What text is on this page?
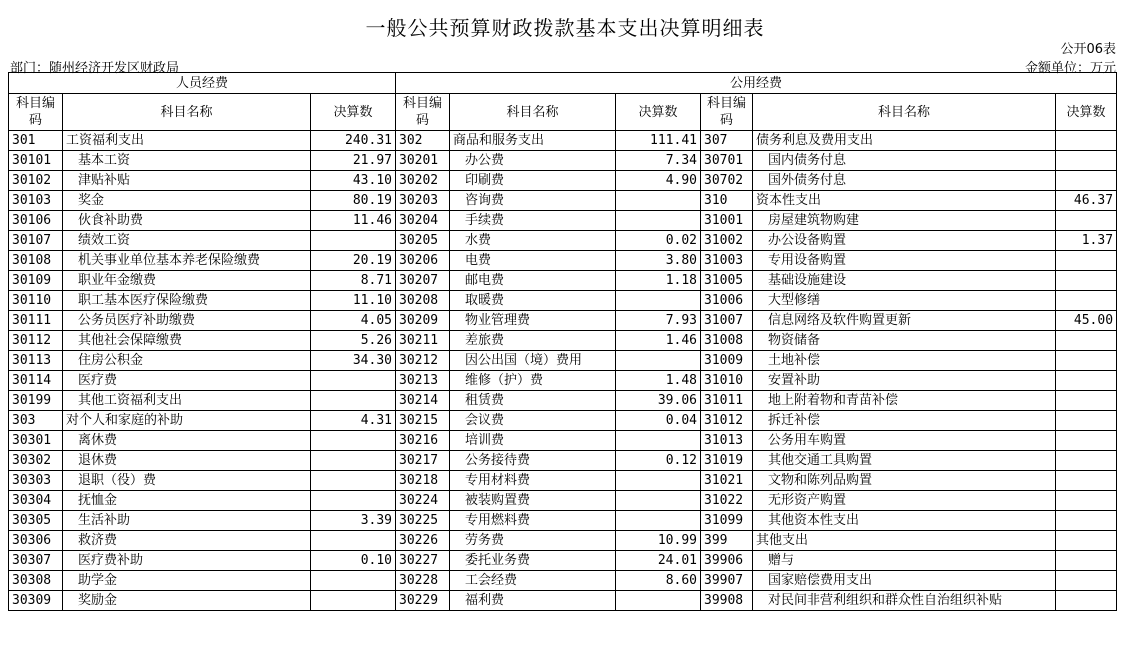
一般公共预算财政拨款基本支出决算明细表
公开06表
部门：随州经济开发区财政局	金额单位：万元
人员经费			公用经费					
科目编码	科目名称	决算数	科目编码	科目名称	决算数	科目编码	科目名称	决算数
301	工资福利支出	240.31	302	商品和服务支出	111.41	307	债务利息及费用支出	
30101	基本工资	21.97	30201	办公费	7.34	30701	国内债务付息	
30102	津贴补贴	43.10	30202	印刷费	4.90	30702	国外债务付息	
30103	奖金	80.19	30203	咨询费		310	资本性支出	46.37
30106	伙食补助费	11.46	30204	手续费		31001	房屋建筑物购建	
30107	绩效工资		30205	水费	0.02	31002	办公设备购置	1.37
30108	机关事业单位基本养老保险缴费	20.19	30206	电费	3.80	31003	专用设备购置	
30109	职业年金缴费	8.71	30207	邮电费	1.18	31005	基础设施建设	
30110	职工基本医疗保险缴费	11.10	30208	取暖费		31006	大型修缮	
30111	公务员医疗补助缴费	4.05	30209	物业管理费	7.93	31007	信息网络及软件购置更新	45.00
30112	其他社会保障缴费	5.26	30211	差旅费	1.46	31008	物资储备	
30113	住房公积金	34.30	30212	因公出国（境）费用		31009	土地补偿	
30114	医疗费		30213	维修（护）费	1.48	31010	安置补助	
30199	其他工资福利支出		30214	租赁费	39.06	31011	地上附着物和青苗补偿	
303	对个人和家庭的补助	4.31	30215	会议费	0.04	31012	拆迁补偿	
30301	离休费		30216	培训费		31013	公务用车购置	
30302	退休费		30217	公务接待费	0.12	31019	其他交通工具购置	
30303	退职（役）费		30218	专用材料费		31021	文物和陈列品购置	
30304	抚恤金		30224	被装购置费		31022	无形资产购置	
30305	生活补助	3.39	30225	专用燃料费		31099	其他资本性支出	
30306	救济费		30226	劳务费	10.99	399	其他支出	
30307	医疗费补助	0.10	30227	委托业务费	24.01	39906	赠与	
30308	助学金		30228	工会经费	8.60	39907	国家赔偿费用支出	
30309	奖励金		30229	福利费		39908	对民间非营利组织和群众性自治组织补贴	
